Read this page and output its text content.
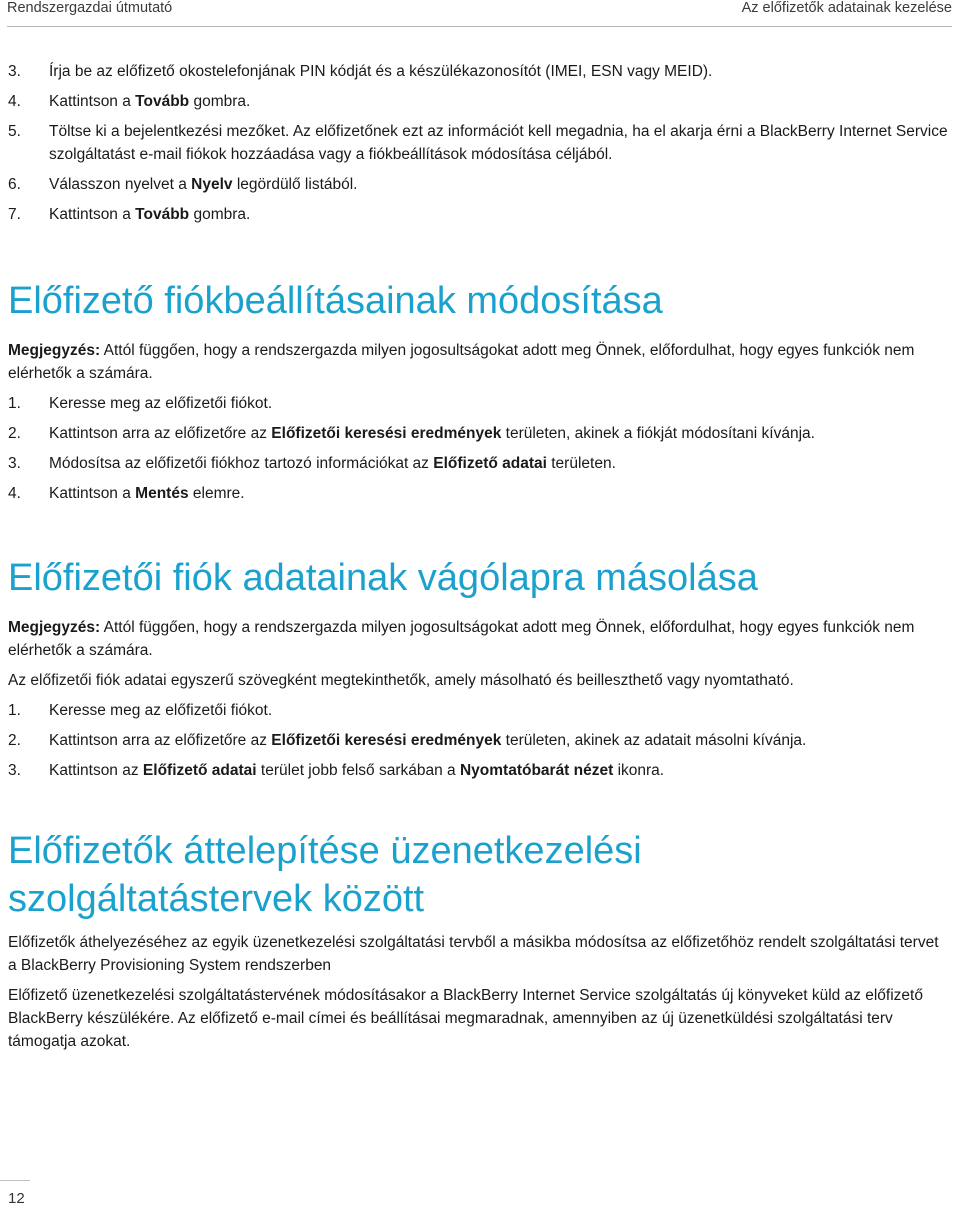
Rendszergazdai útmutató	Az előfizetők adatainak kezelése
3. Írja be az előfizető okostelefonjának PIN kódját és a készülékazonosítót (IMEI, ESN vagy MEID).
4. Kattintson a Tovább gombra.
5. Töltse ki a bejelentkezési mezőket. Az előfizetőnek ezt az információt kell megadnia, ha el akarja érni a BlackBerry Internet Service szolgáltatást e-mail fiókok hozzáadása vagy a fiókbeállítások módosítása céljából.
6. Válasszon nyelvet a Nyelv legördülő listából.
7. Kattintson a Tovább gombra.
Előfizető fiókbeállításainak módosítása

Megjegyzés: Attól függően, hogy a rendszergazda milyen jogosultságokat adott meg Önnek, előfordulhat, hogy egyes funkciók nem elérhetők a számára.

1. Keresse meg az előfizetői fiókot.
2. Kattintson arra az előfizetőre az Előfizetői keresési eredmények területen, akinek a fiókját módosítani kívánja.
3. Módosítsa az előfizetői fiókhoz tartozó információkat az Előfizető adatai területen.
4. Kattintson a Mentés elemre.
Előfizetői fiók adatainak vágólapra másolása

Megjegyzés: Attól függően, hogy a rendszergazda milyen jogosultságokat adott meg Önnek, előfordulhat, hogy egyes funkciók nem elérhetők a számára.

Az előfizetői fiók adatai egyszerű szövegként megtekinthetők, amely másolható és beilleszthető vagy nyomtatható.

1. Keresse meg az előfizetői fiókot.
2. Kattintson arra az előfizetőre az Előfizetői keresési eredmények területen, akinek az adatait másolni kívánja.
3. Kattintson az Előfizető adatai terület jobb felső sarkában a Nyomtatóbarát nézet ikonra.
Előfizetők áttelepítése üzenetkezelési
szolgáltatástervek között

Előfizetők áthelyezéséhez az egyik üzenetkezelési szolgáltatási tervből a másikba módosítsa az előfizetőhöz rendelt szolgáltatási tervet a BlackBerry Provisioning System rendszerben

Előfizető üzenetkezelési szolgáltatástervének módosításakor a BlackBerry Internet Service szolgáltatás új könyveket küld az előfizető BlackBerry készülékére. Az előfizető e-mail címei és beállításai megmaradnak, amennyiben az új üzenetküldési szolgáltatási terv támogatja azokat.

12
